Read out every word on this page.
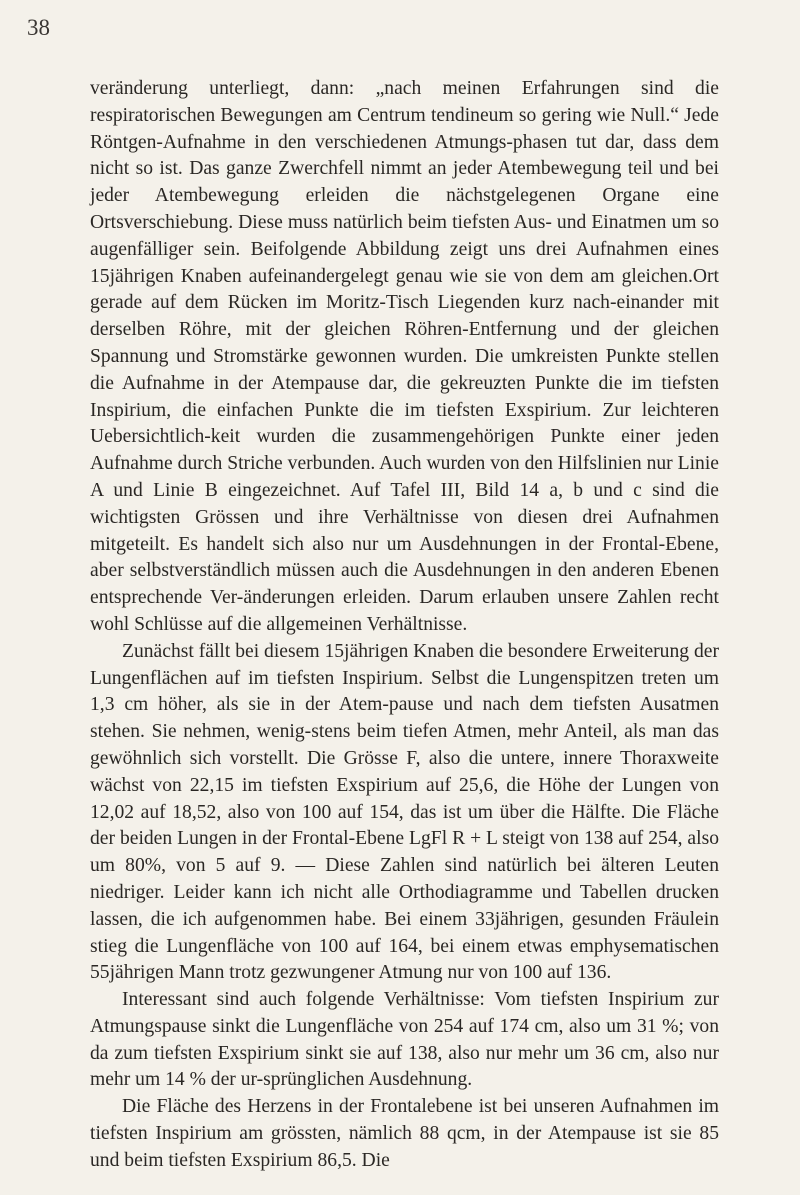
38

veränderung unterliegt, dann: „nach meinen Erfahrungen sind die respiratorischen Bewegungen am Centrum tendineum so gering wie Null.“ Jede Röntgen-Aufnahme in den verschiedenen Atmungs-phasen tut dar, dass dem nicht so ist. Das ganze Zwerchfell nimmt an jeder Atembewegung teil und bei jeder Atembewegung erleiden die nächstgelegenen Organe eine Ortsverschiebung. Diese muss natürlich beim tiefsten Aus- und Einatmen um so augenfälliger sein. Beifolgende Abbildung zeigt uns drei Aufnahmen eines 15jährigen Knaben aufeinandergelegt genau wie sie von dem am gleichen.Ort gerade auf dem Rücken im Moritz-Tisch Liegenden kurz nach-einander mit derselben Röhre, mit der gleichen Röhren-Entfernung und der gleichen Spannung und Stromstärke gewonnen wurden. Die umkreisten Punkte stellen die Aufnahme in der Atempause dar, die gekreuzten Punkte die im tiefsten Inspirium, die einfachen Punkte die im tiefsten Exspirium. Zur leichteren Uebersichtlich-keit wurden die zusammengehörigen Punkte einer jeden Aufnahme durch Striche verbunden. Auch wurden von den Hilfslinien nur Linie A und Linie B eingezeichnet. Auf Tafel III, Bild 14 a, b und c sind die wichtigsten Grössen und ihre Verhältnisse von diesen drei Aufnahmen mitgeteilt. Es handelt sich also nur um Ausdehnungen in der Frontal-Ebene, aber selbstverständlich müssen auch die Ausdehnungen in den anderen Ebenen entsprechende Ver-änderungen erleiden. Darum erlauben unsere Zahlen recht wohl Schlüsse auf die allgemeinen Verhältnisse.

Zunächst fällt bei diesem 15jährigen Knaben die besondere Erweiterung der Lungenflächen auf im tiefsten Inspirium. Selbst die Lungenspitzen treten um 1,3 cm höher, als sie in der Atem-pause und nach dem tiefsten Ausatmen stehen. Sie nehmen, wenig-stens beim tiefen Atmen, mehr Anteil, als man das gewöhnlich sich vorstellt. Die Grösse F, also die untere, innere Thoraxweite wächst von 22,15 im tiefsten Exspirium auf 25,6, die Höhe der Lungen von 12,02 auf 18,52, also von 100 auf 154, das ist um über die Hälfte. Die Fläche der beiden Lungen in der Frontal-Ebene LgFl R + L steigt von 138 auf 254, also um 80%, von 5 auf 9. — Diese Zahlen sind natürlich bei älteren Leuten niedriger. Leider kann ich nicht alle Orthodiagramme und Tabellen drucken lassen, die ich aufgenommen habe. Bei einem 33jährigen, gesunden Fräulein stieg die Lungenfläche von 100 auf 164, bei einem etwas emphysematischen 55jährigen Mann trotz gezwungener Atmung nur von 100 auf 136.

Interessant sind auch folgende Verhältnisse: Vom tiefsten Inspirium zur Atmungspause sinkt die Lungenfläche von 254 auf 174 cm, also um 31 %; von da zum tiefsten Exspirium sinkt sie auf 138, also nur mehr um 36 cm, also nur mehr um 14 % der ur-sprünglichen Ausdehnung.

Die Fläche des Herzens in der Frontalebene ist bei unseren Aufnahmen im tiefsten Inspirium am grössten, nämlich 88 qcm, in der Atempause ist sie 85 und beim tiefsten Exspirium 86,5. Die
